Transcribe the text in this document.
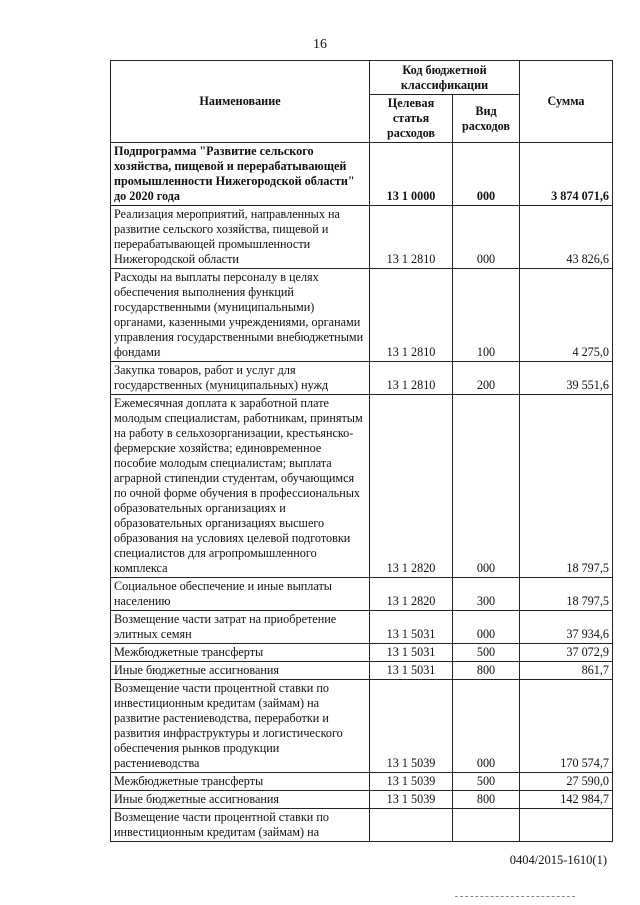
16
Наименование	Код бюджетной классификации		Сумма
	Целевая статья расходов	Вид расходов	
Подпрограмма "Развитие сельского хозяйства, пищевой и перерабатывающей промышленности Нижегородской области" до 2020 года	13 1 0000	000	3 874 071,6
Реализация мероприятий, направленных на развитие сельского хозяйства, пищевой и перерабатывающей промышленности Нижегородской области	13 1 2810	000	43 826,6
Расходы на выплаты персоналу в целях обеспечения выполнения функций государственными (муниципальными) органами, казенными учреждениями, органами управления государственными внебюджетными фондами	13 1 2810	100	4 275,0
Закупка товаров, работ и услуг для государственных (муниципальных) нужд	13 1 2810	200	39 551,6
Ежемесячная доплата к заработной плате молодым специалистам, работникам, принятым на работу в сельхозорганизации, крестьянско-фермерские хозяйства; единовременное пособие молодым специалистам; выплата аграрной стипендии студентам, обучающимся по очной форме обучения в профессиональных образовательных организациях и образовательных организациях высшего образования на условиях целевой подготовки специалистов для агропромышленного комплекса	13 1 2820	000	18 797,5
Социальное обеспечение и иные выплаты населению	13 1 2820	300	18 797,5
Возмещение части затрат на приобретение элитных семян	13 1 5031	000	37 934,6
Межбюджетные трансферты	13 1 5031	500	37 072,9
Иные бюджетные ассигнования	13 1 5031	800	861,7
Возмещение части процентной ставки по инвестиционным кредитам (займам) на развитие растениеводства, переработки и развития инфраструктуры и логистического обеспечения рынков продукции растениеводства	13 1 5039	000	170 574,7
Межбюджетные трансферты	13 1 5039	500	27 590,0
Иные бюджетные ассигнования	13 1 5039	800	142 984,7
Возмещение части процентной ставки по инвестиционным кредитам (займам) на			
0404/2015-1610(1)
